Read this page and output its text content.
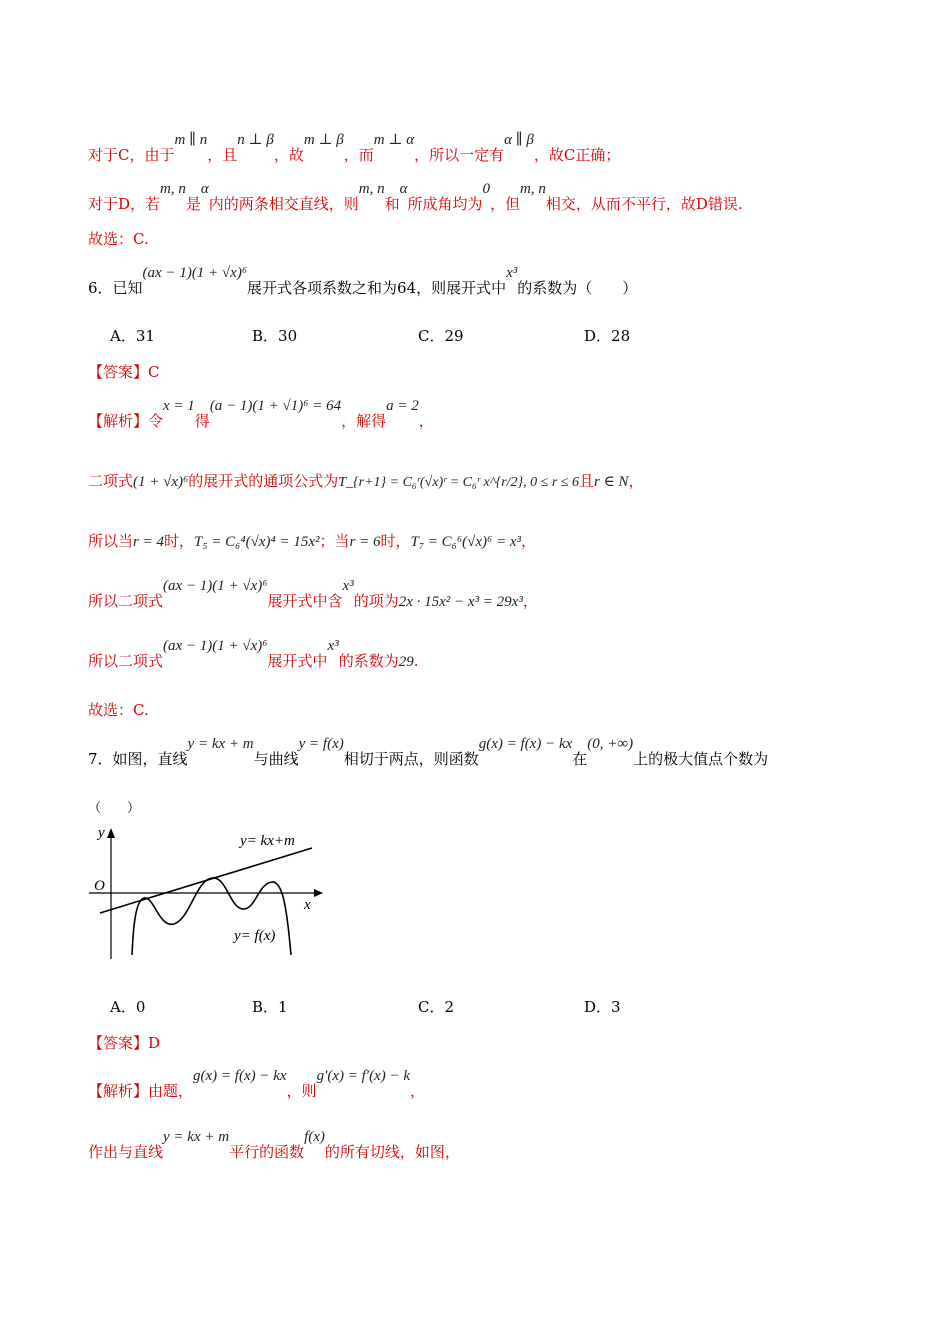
对于C，由于m ∥ n，且n ⊥ β，故m ⊥ β，而m ⊥ α，所以一定有α ∥ β，故C正确；
对于D，若m, n是α内的两条相交直线，则m, n和α所成角均为0，但m, n相交，从而不平行，故D错误.
故选：C.
6．已知(ax − 1)(1 + √x)⁶展开式各项系数之和为64，则展开式中x³的系数为（　　）
A．31	B．30	C．29	D．28
【答案】C
【解析】令x = 1得(a − 1)(1 + √1)⁶ = 64，解得a = 2，
二项式(1 + √x)⁶的展开式的通项公式为T_{r+1} = C₆ʳ(√x)ʳ = C₆ʳ x^{r/2}, 0 ≤ r ≤ 6且r ∈ N，
所以当r = 4时，T₅ = C₆⁴(√x)⁴ = 15x²；当r = 6时，T₇ = C₆⁶(√x)⁶ = x³，
所以二项式(ax − 1)(1 + √x)⁶展开式中含x³的项为2x · 15x² − x³ = 29x³，
所以二项式(ax − 1)(1 + √x)⁶展开式中x³的系数为29.
故选：C.
7．如图，直线y = kx + m与曲线y = f(x)相切于两点，则函数g(x) = f(x) − kx在(0, +∞)上的极大值点个数为
（　　）
y
x
O
y= kx+m
y= f(x)
A．0	B．1	C．2	D．3
【答案】D
【解析】由题，g(x) = f(x) − kx，则g′(x) = f′(x) − k，
作出与直线y = kx + m平行的函数f(x)的所有切线，如图，
